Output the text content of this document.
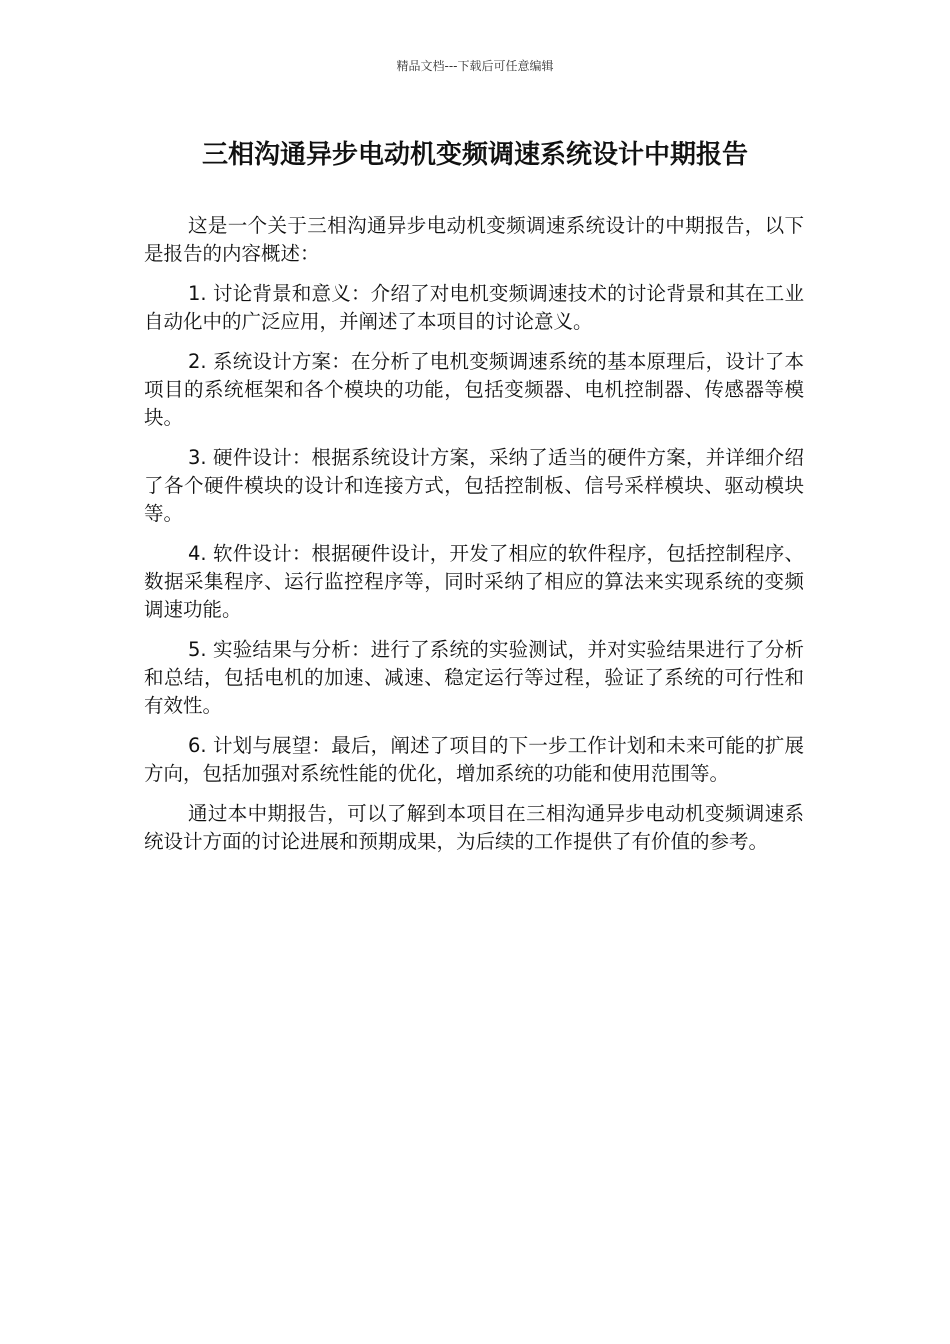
精品文档---下载后可任意编辑
三相沟通异步电动机变频调速系统设计中期报告

这是一个关于三相沟通异步电动机变频调速系统设计的中期报告，以下是报告的内容概述：

1. 讨论背景和意义：介绍了对电机变频调速技术的讨论背景和其在工业自动化中的广泛应用，并阐述了本项目的讨论意义。

2. 系统设计方案：在分析了电机变频调速系统的基本原理后，设计了本项目的系统框架和各个模块的功能，包括变频器、电机控制器、传感器等模块。

3. 硬件设计：根据系统设计方案，采纳了适当的硬件方案，并详细介绍了各个硬件模块的设计和连接方式，包括控制板、信号采样模块、驱动模块等。

4. 软件设计：根据硬件设计，开发了相应的软件程序，包括控制程序、数据采集程序、运行监控程序等，同时采纳了相应的算法来实现系统的变频调速功能。

5. 实验结果与分析：进行了系统的实验测试，并对实验结果进行了分析和总结，包括电机的加速、减速、稳定运行等过程，验证了系统的可行性和有效性。

6. 计划与展望：最后，阐述了项目的下一步工作计划和未来可能的扩展方向，包括加强对系统性能的优化，增加系统的功能和使用范围等。

通过本中期报告，可以了解到本项目在三相沟通异步电动机变频调速系统设计方面的讨论进展和预期成果，为后续的工作提供了有价值的参考。
